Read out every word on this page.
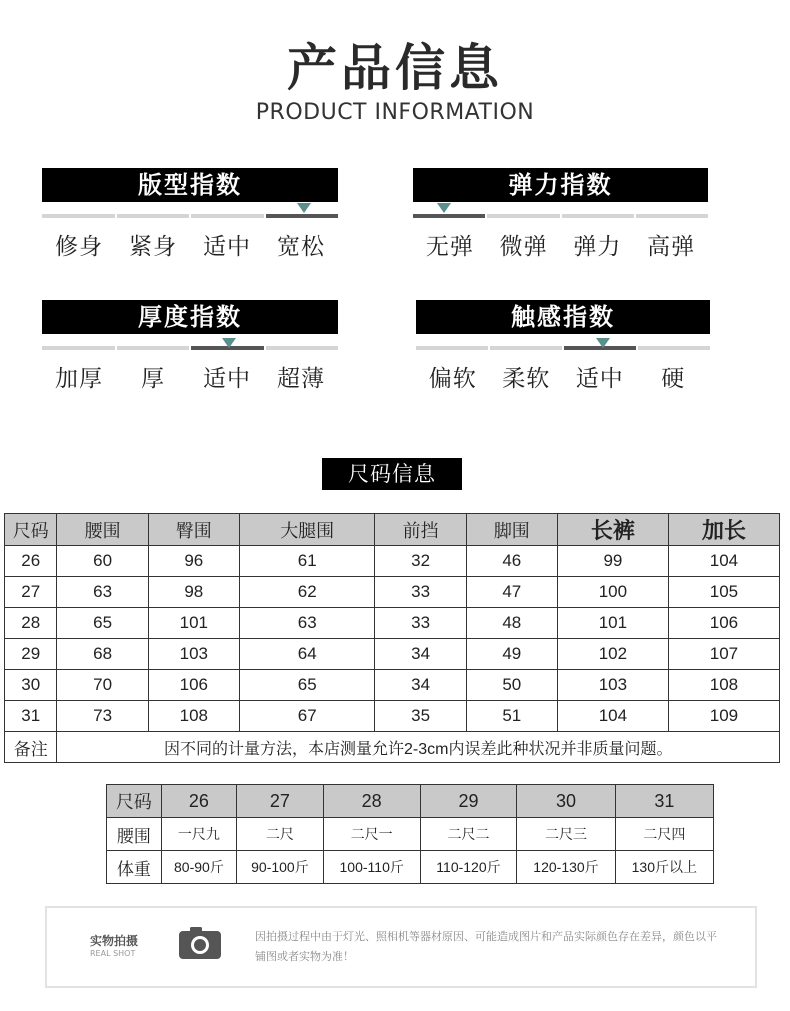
产品信息
PRODUCT INFORMATION
版型指数
修身	紧身	适中	宽松
弹力指数
无弹	微弹	弹力	高弹
厚度指数
加厚	厚	适中	超薄
触感指数
偏软	柔软	适中	硬
尺码信息
尺码	腰围	臀围	大腿围	前挡	脚围	长裤	加长
26	60	96	61	32	46	99	104
27	63	98	62	33	47	100	105
28	65	101	63	33	48	101	106
29	68	103	64	34	49	102	107
30	70	106	65	34	50	103	108
31	73	108	67	35	51	104	109
备注	因不同的计量方法，本店测量允许2-3cm内误差此种状况并非质量问题。						
尺码	26	27	28	29	30	31
腰围	一尺九	二尺	二尺一	二尺二	二尺三	二尺四
体重	80-90斤	90-100斤	100-110斤	110-120斤	120-130斤	130斤以上
实物拍摄
REAL SHOT
因拍摄过程中由于灯光、照相机等器材原因、可能造成图片和产品实际颜色存在差异，颜色以平铺图或者实物为准！
